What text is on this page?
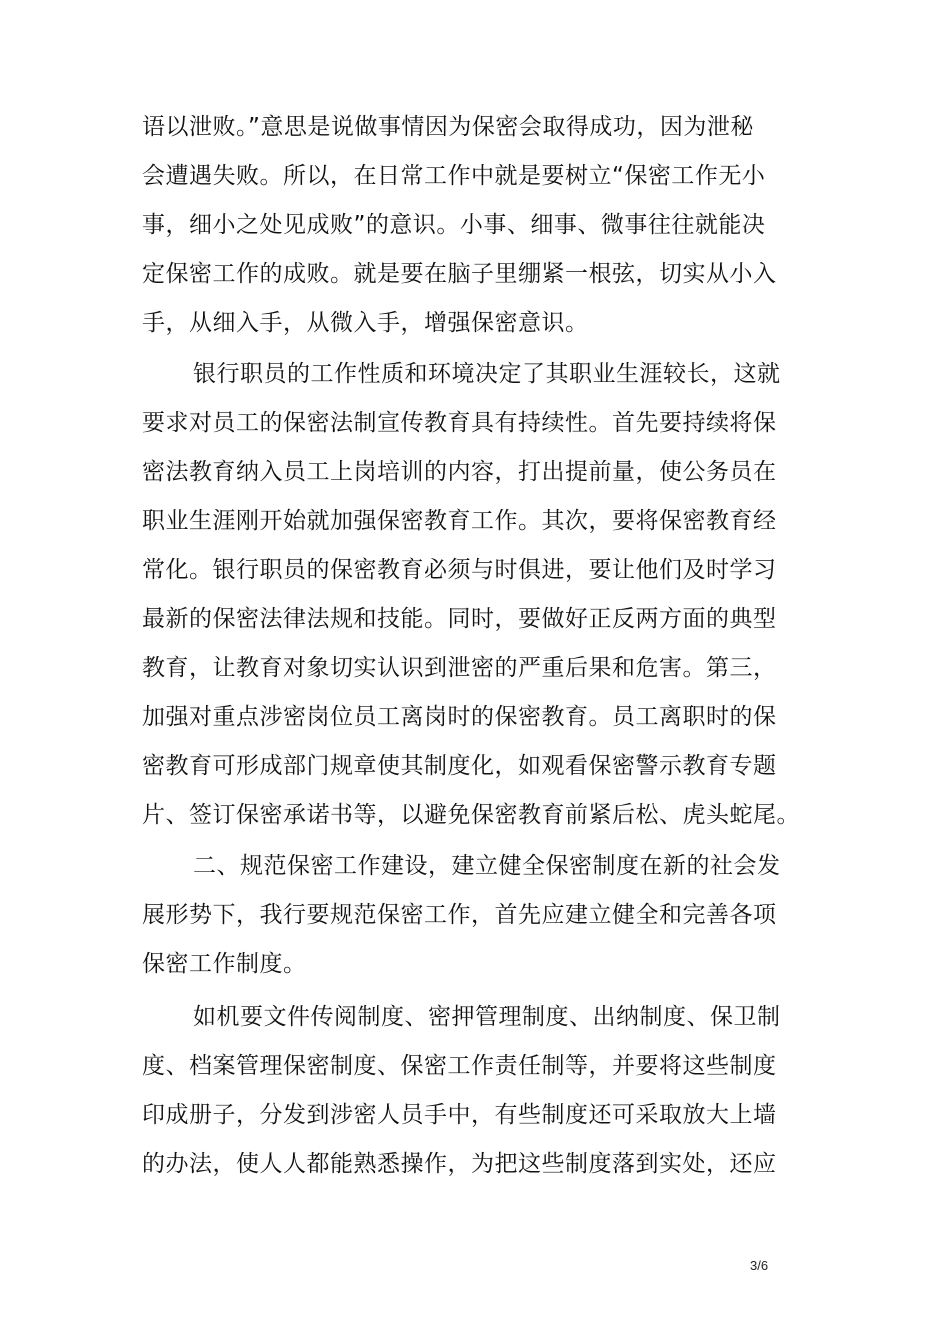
语以泄败。”意思是说做事情因为保密会取得成功，因为泄秘
会遭遇失败。所以，在日常工作中就是要树立“保密工作无小
事，细小之处见成败”的意识。小事、细事、微事往往就能决
定保密工作的成败。就是要在脑子里绷紧一根弦，切实从小入
手，从细入手，从微入手，增强保密意识。
银行职员的工作性质和环境决定了其职业生涯较长，这就
要求对员工的保密法制宣传教育具有持续性。首先要持续将保
密法教育纳入员工上岗培训的内容，打出提前量，使公务员在
职业生涯刚开始就加强保密教育工作。其次，要将保密教育经
常化。银行职员的保密教育必须与时俱进，要让他们及时学习
最新的保密法律法规和技能。同时，要做好正反两方面的典型
教育，让教育对象切实认识到泄密的严重后果和危害。第三，
加强对重点涉密岗位员工离岗时的保密教育。员工离职时的保
密教育可形成部门规章使其制度化，如观看保密警示教育专题
片、签订保密承诺书等，以避免保密教育前紧后松、虎头蛇尾。
二、规范保密工作建设，建立健全保密制度在新的社会发
展形势下，我行要规范保密工作，首先应建立健全和完善各项
保密工作制度。
如机要文件传阅制度、密押管理制度、出纳制度、保卫制
度、档案管理保密制度、保密工作责任制等，并要将这些制度
印成册子，分发到涉密人员手中，有些制度还可采取放大上墙
的办法，使人人都能熟悉操作，为把这些制度落到实处，还应
3/6
